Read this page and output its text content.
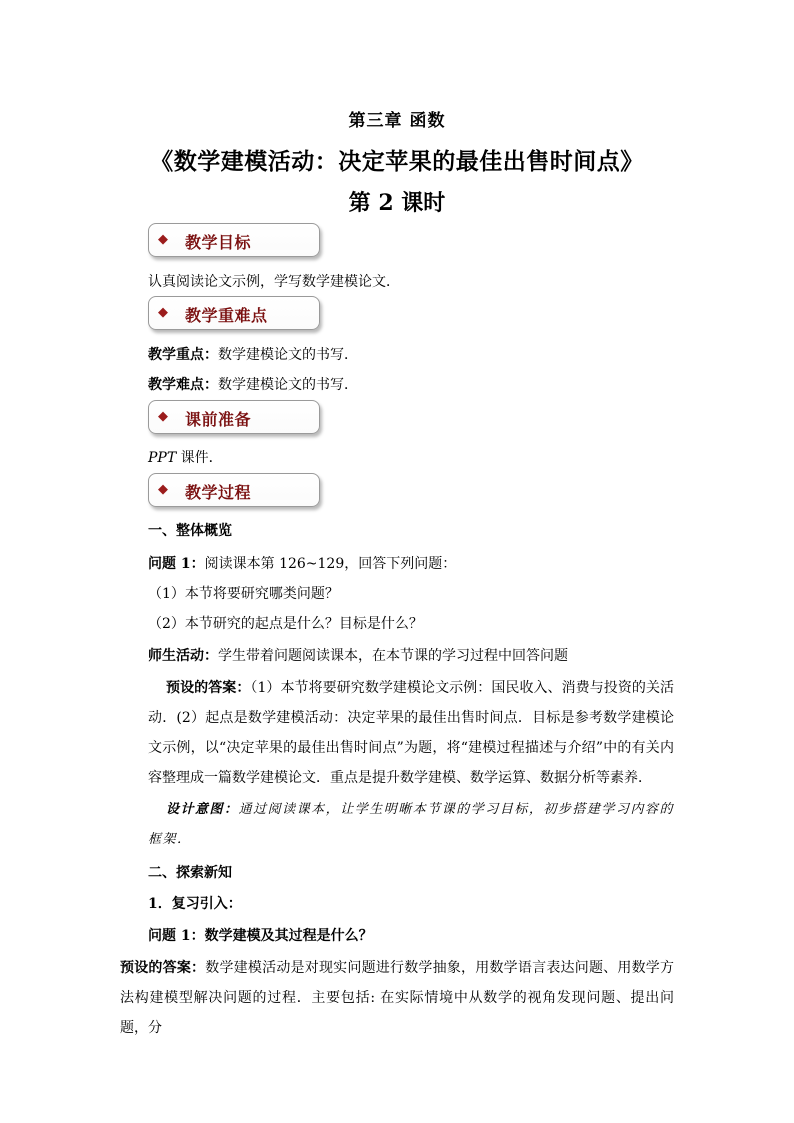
第三章 函数
《数学建模活动：决定苹果的最佳出售时间点》
第 2 课时
◆ 教学目标
认真阅读论文示例，学写数学建模论文．
◆ 教学重难点
教学重点：数学建模论文的书写．
教学难点：数学建模论文的书写．
◆ 课前准备
PPT 课件．
◆ 教学过程
一、整体概览
问题 1：阅读课本第 126~129，回答下列问题：
（1）本节将要研究哪类问题？
（2）本节研究的起点是什么？目标是什么？
师生活动：学生带着问题阅读课本，在本节课的学习过程中回答问题
预设的答案：（1）本节将要研究数学建模论文示例：国民收入、消费与投资的关活动．(2）起点是数学建模活动：决定苹果的最佳出售时间点．目标是参考数学建模论文示例，以“决定苹果的最佳出售时间点”为题，将“建模过程描述与介绍”中的有关内容整理成一篇数学建模论文．重点是提升数学建模、数学运算、数据分析等素养．
设计意图：通过阅读课本，让学生明晰本节课的学习目标，初步搭建学习内容的框架．
二、探索新知
1．复习引入：
问题 1：数学建模及其过程是什么？
预设的答案：数学建模活动是对现实问题进行数学抽象，用数学语言表达问题、用数学方法构建模型解决问题的过程．主要包括: 在实际情境中从数学的视角发现问题、提出问题，分
